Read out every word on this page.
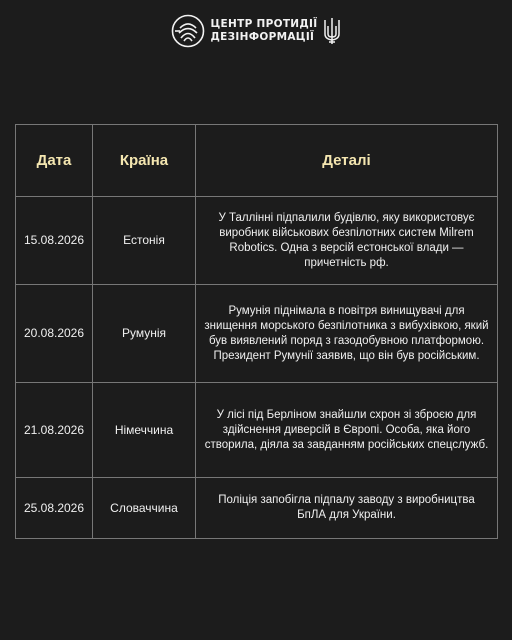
ЦЕНТР ПРОТИДІЇ
ДЕЗІНФОРМАЦІЇ
Дата	Країна	Деталі
15.08.2026	Естонія	У Таллінні підпалили будівлю, яку використовує виробник військових безпілотних систем Milrem Robotics. Одна з версій естонської влади — причетність рф.
20.08.2026	Румунія	Румунія піднімала в повітря винищувачі для знищення морського безпілотника з вибухівкою, який був виявлений поряд з газодобувною платформою. Президент Румунії заявив, що він був російським.
21.08.2026	Німеччина	У лісі під Берліном знайшли схрон зі зброєю для здійснення диверсій в Європі. Особа, яка його створила, діяла за завданням російських спецслужб.
25.08.2026	Словаччина	Поліція запобігла підпалу заводу з виробництва БпЛА для України.
